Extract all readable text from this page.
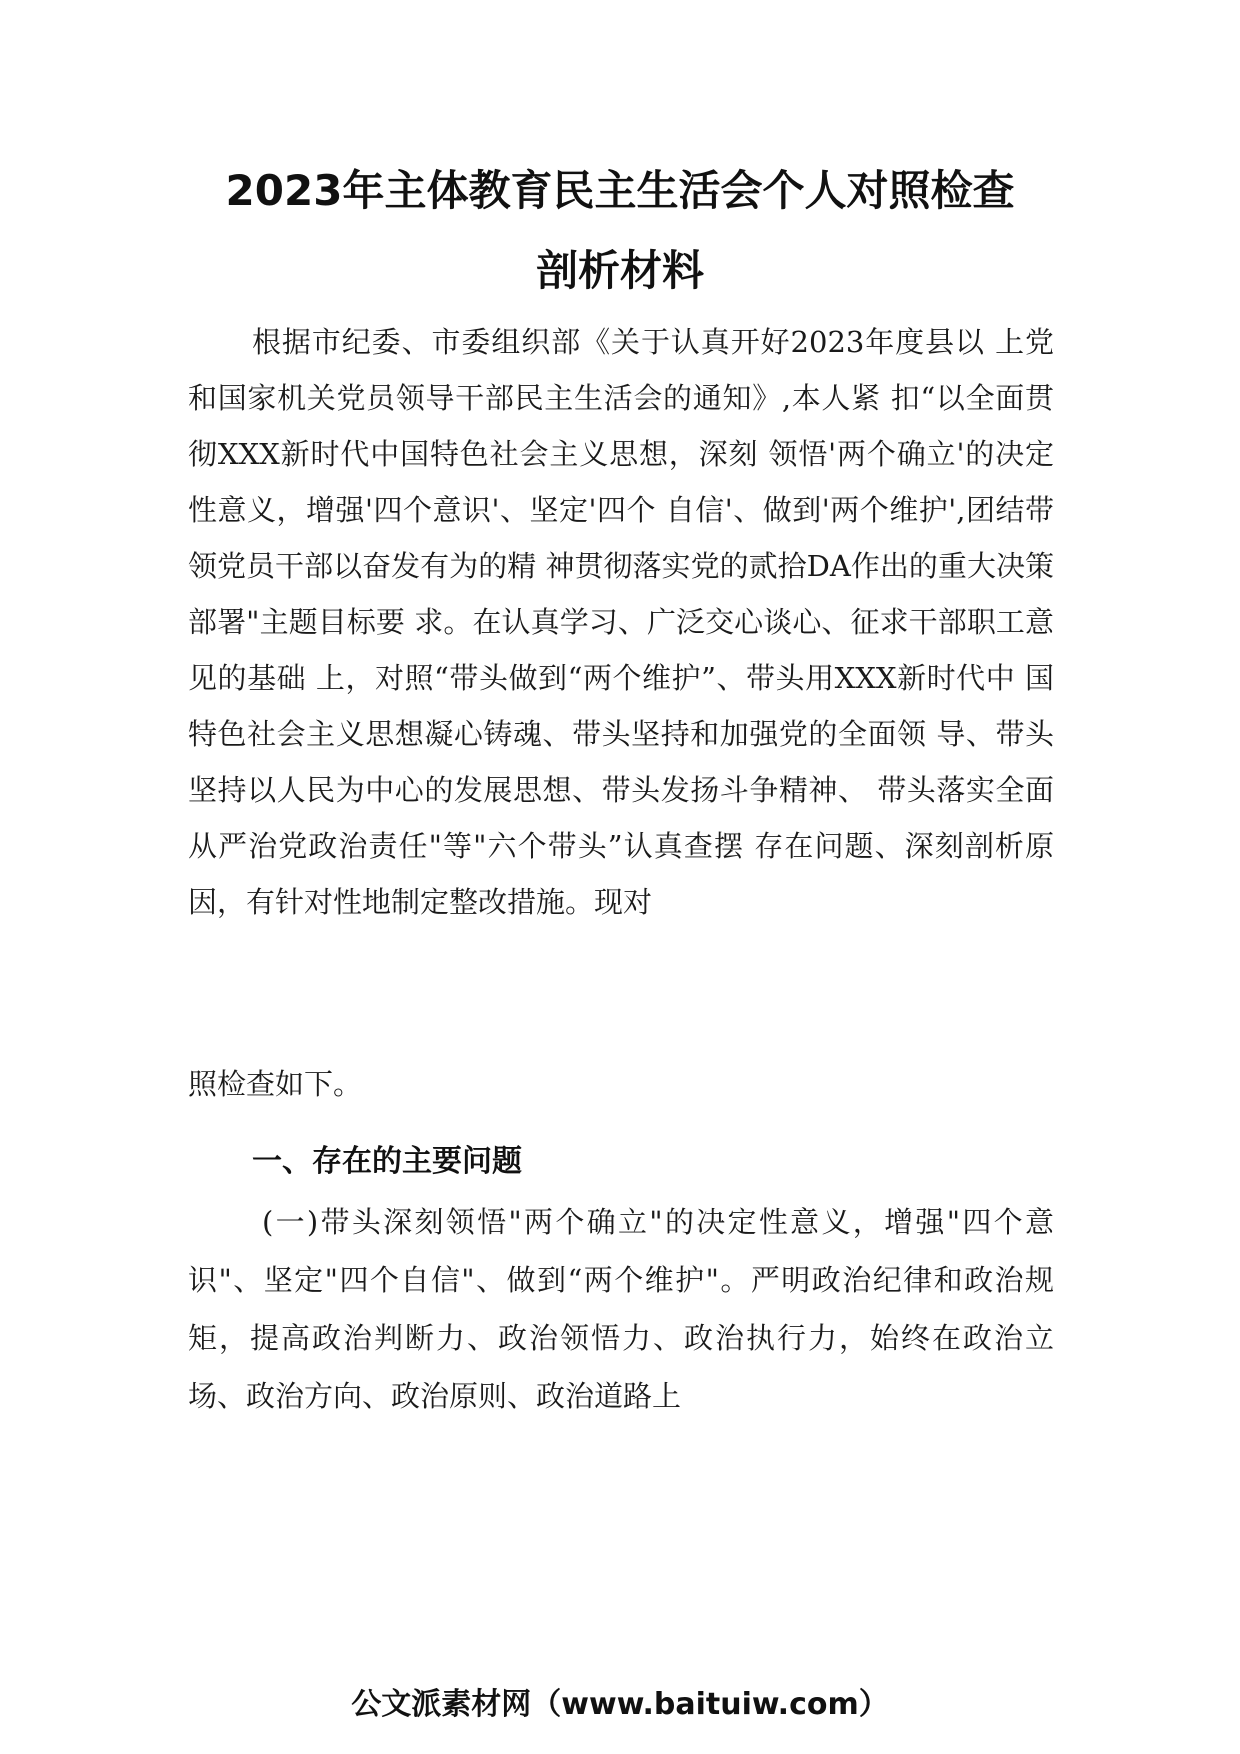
2023年主体教育民主生活会个人对照检查
剖析材料

根据市纪委、市委组织部《关于认真开好2023年度县以 上党和国家机关党员领导干部民主生活会的通知》,本人紧 扣“以全面贯彻XXX新时代中国特色社会主义思想，深刻 领悟'两个确立'的决定性意义，增强'四个意识'、坚定'四个 自信'、做到'两个维护',团结带领党员干部以奋发有为的精 神贯彻落实党的贰拾DA作出的重大决策部署"主题目标要 求。在认真学习、广泛交心谈心、征求干部职工意见的基础 上，对照“带头做到“两个维护”、带头用XXX新时代中 国特色社会主义思想凝心铸魂、带头坚持和加强党的全面领 导、带头坚持以人民为中心的发展思想、带头发扬斗争精神、 带头落实全面从严治党政治责任"等"六个带头”认真查摆 存在问题、深刻剖析原因，有针对性地制定整改措施。现对

照检查如下。

一、存在的主要问题

(一)带头深刻领悟"两个确立"的决定性意义，增强"四个意识"、坚定"四个自信"、做到“两个维护"。严明政治纪律和政治规矩，提高政治判断力、政治领悟力、政治执行力，始终在政治立场、政治方向、政治原则、政治道路上

公文派素材网（www.baituiw.com）
